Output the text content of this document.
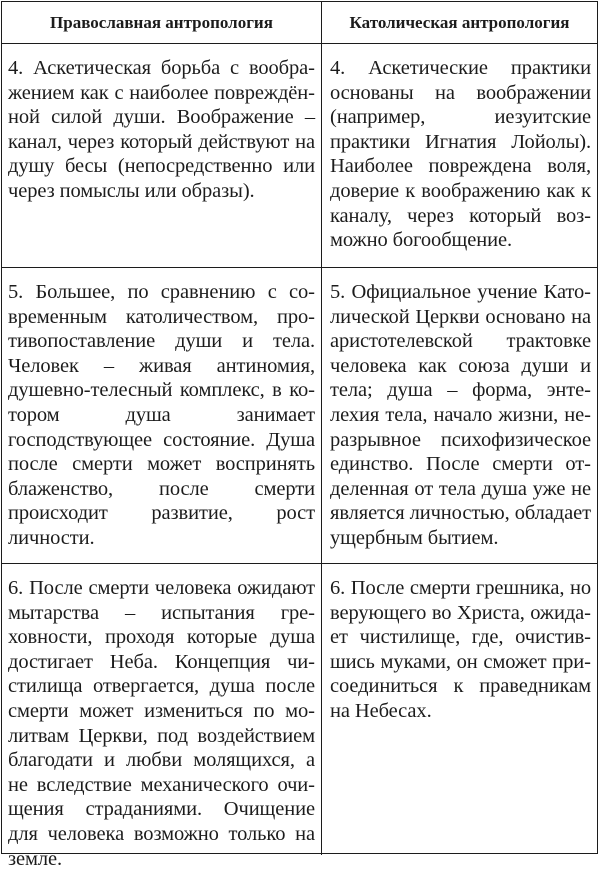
Православная антропология	Католическая антропология
4. Аскетическая борьба с воображением как с наиболее повреждённой силой души. Воображение – канал, через который действуют на душу бесы (непосредственно или через помыслы или образы).
4. Аскетические практики основаны на воображении (например, иезуитские практики Игнатия Лойолы). Наиболее повреждена воля, доверие к воображению как к каналу, через который возможно богообщение.
5. Большее, по сравнению с современным католичеством, противопоставление души и тела. Человек – живая антиномия, душевно-телесный комплекс, в котором душа занимает господствующее состояние. Душа после смерти может воспринять блаженство, после смерти происходит развитие, рост личности.
5. Официальное учение Католической Церкви основано на аристотелевской трактовке человека как союза души и тела; душа – форма, энтелехия тела, начало жизни, неразрывное психофизическое единство. После смерти отделенная от тела душа уже не является личностью, обладает ущербным бытием.
6. После смерти человека ожидают мытарства – испытания греховности, проходя которые душа достигает Неба. Концепция чистилища отвергается, душа после смерти может измениться по молитвам Церкви, под воздействием благодати и любви молящихся, а не вследствие механического очищения страданиями. Очищение для человека возможно только на земле.
6. После смерти грешника, но верующего во Христа, ожидает чистилище, где, очистившись муками, он сможет присоединиться к праведникам на Небесах.
